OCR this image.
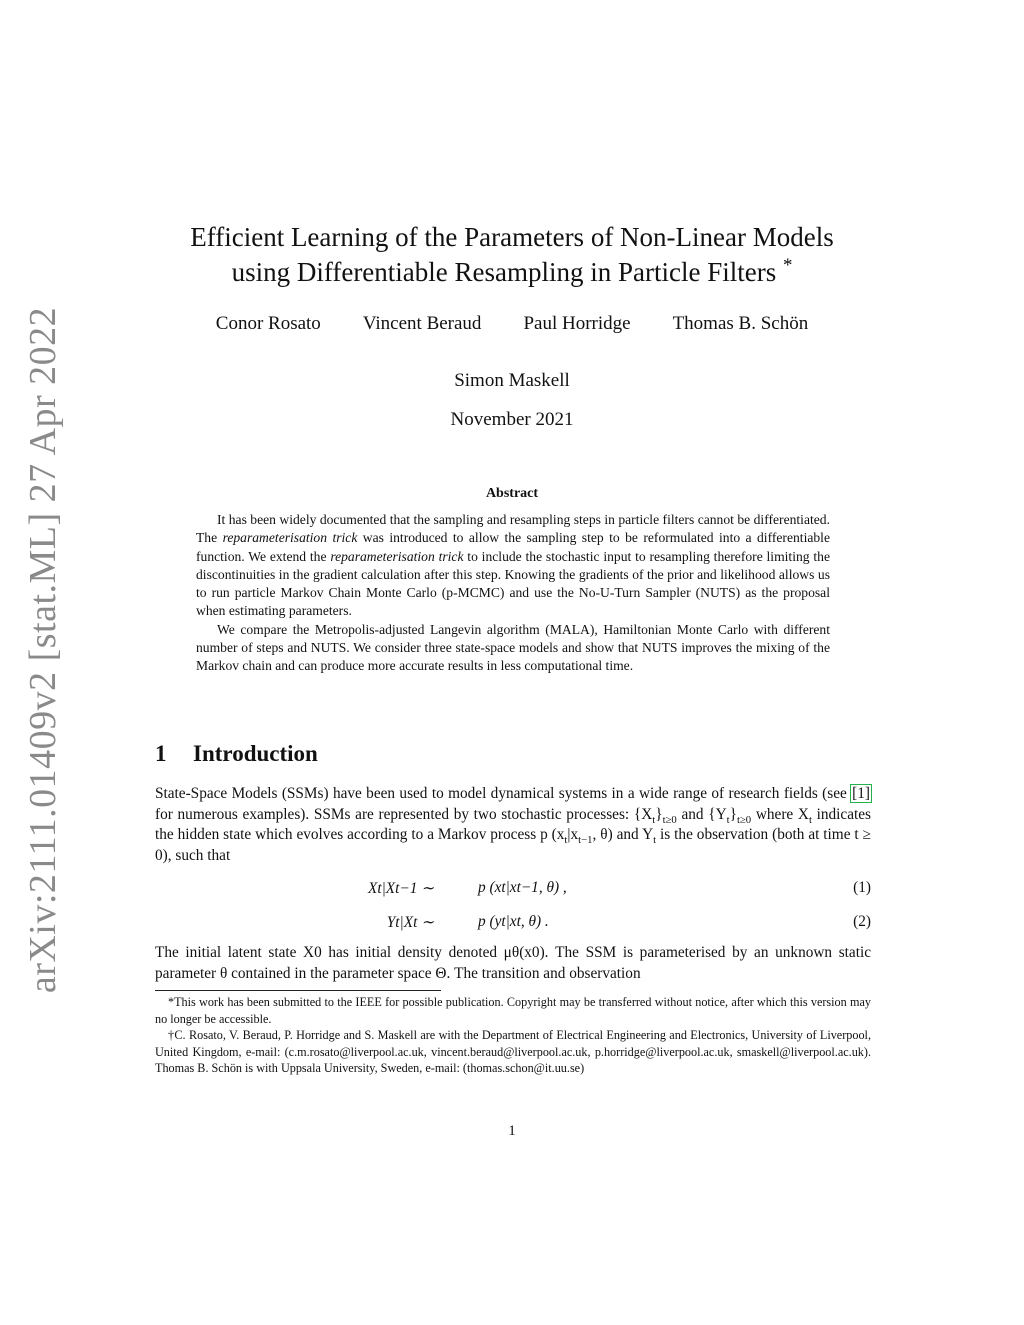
arXiv:2111.01409v2 [stat.ML] 27 Apr 2022
Efficient Learning of the Parameters of Non-Linear Models
using Differentiable Resampling in Particle Filters *
Conor Rosato Vincent Beraud Paul Horridge Thomas B. Schön
Simon Maskell
November 2021
Abstract

It has been widely documented that the sampling and resampling steps in particle filters cannot be differentiated. The reparameterisation trick was introduced to allow the sampling step to be reformulated into a differentiable function. We extend the reparameterisation trick to include the stochastic input to resampling therefore limiting the discontinuities in the gradient calculation after this step. Knowing the gradients of the prior and likelihood allows us to run particle Markov Chain Monte Carlo (p-MCMC) and use the No-U-Turn Sampler (NUTS) as the proposal when estimating parameters.

We compare the Metropolis-adjusted Langevin algorithm (MALA), Hamiltonian Monte Carlo with different number of steps and NUTS. We consider three state-space models and show that NUTS improves the mixing of the Markov chain and can produce more accurate results in less computational time.

1 Introduction

State-Space Models (SSMs) have been used to model dynamical systems in a wide range of research fields (see [1] for numerous examples). SSMs are represented by two stochastic processes: $\{X_t\}_{t\ge 0}$ and $\{Y_t\}_{t\ge 0}$ where $X_t$ indicates the hidden state which evolves according to a Markov process p ($x_t|x_{t-1}$, θ) and $Y_t$ is the observation (both at time t ≥ 0), such that

Xt|Xt−1 ∼	p (xt|xt−1, θ) ,	(1)
Yt|Xt ∼	p (yt|xt, θ) .	(2)

The initial latent state X0 has initial density denoted μθ(x0). The SSM is parameterised by an unknown static parameter θ contained in the parameter space Θ. The transition and observation

*This work has been submitted to the IEEE for possible publication. Copyright may be transferred without notice, after which this version may no longer be accessible.

†C. Rosato, V. Beraud, P. Horridge and S. Maskell are with the Department of Electrical Engineering and Electronics, University of Liverpool, United Kingdom, e-mail: (c.m.rosato@liverpool.ac.uk, vincent.beraud@liverpool.ac.uk, p.horridge@liverpool.ac.uk, smaskell@liverpool.ac.uk). Thomas B. Schön is with Uppsala University, Sweden, e-mail: (thomas.schon@it.uu.se)

1
